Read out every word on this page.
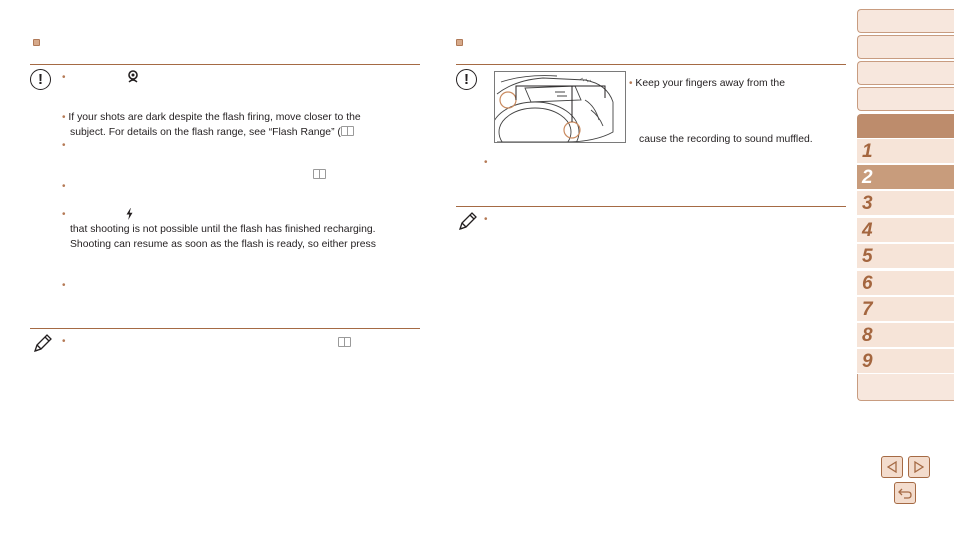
!	•
• If your shots are dark despite the flash firing, move closer to the
subject. For details on the flash range, see “Flash Range” (
•
•
•
that shooting is not possible until the flash has finished recharging.
Shooting can resume as soon as the flash is ready, so either press
•
•
!	• Keep your fingers away from the
cause the recording to sound muffled.
•
•
1
2
3
4
5
6
7
8
9
